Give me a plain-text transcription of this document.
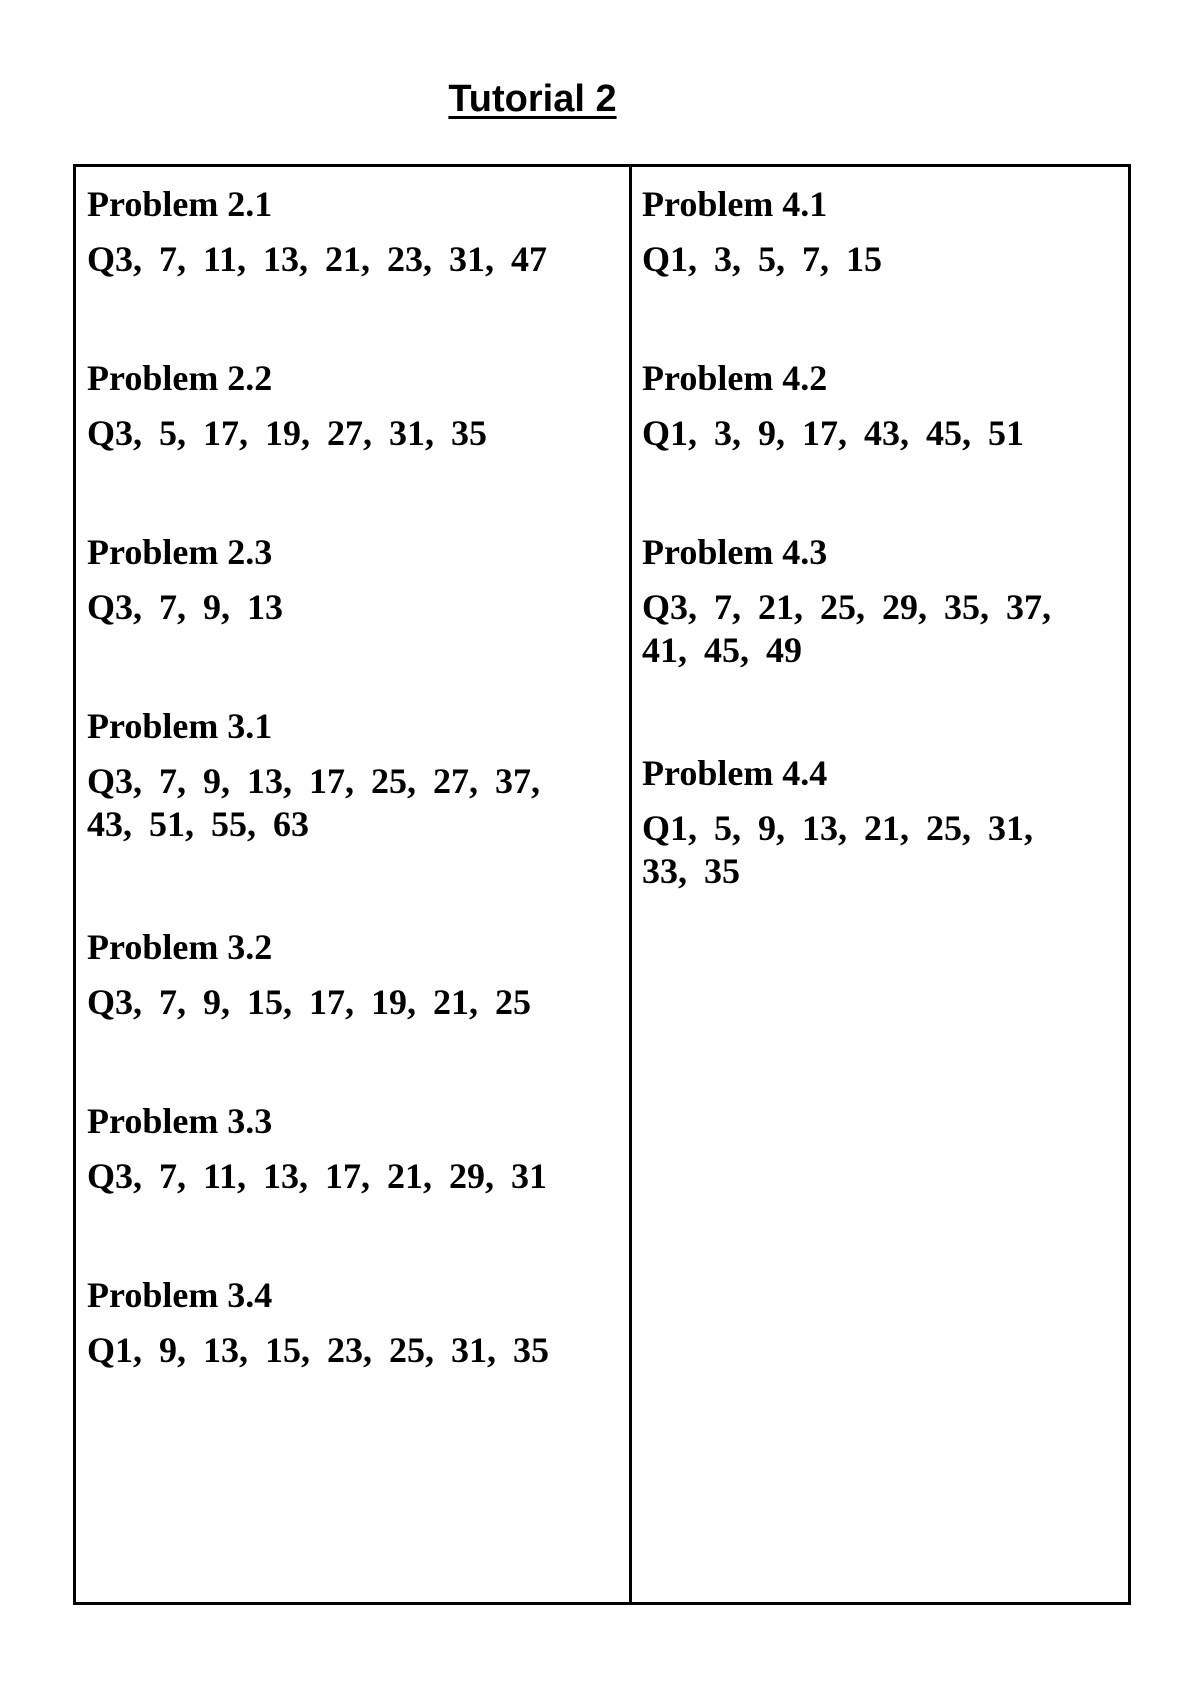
Tutorial 2
Problem 2.1
Q3, 7, 11, 13, 21, 23, 31, 47
Problem 2.2
Q3, 5, 17, 19, 27, 31, 35
Problem 2.3
Q3, 7, 9, 13
Problem 3.1
Q3, 7, 9, 13, 17, 25, 27, 37,
43, 51, 55, 63
Problem 3.2
Q3, 7, 9, 15, 17, 19, 21, 25
Problem 3.3
Q3, 7, 11, 13, 17, 21, 29, 31
Problem 3.4
Q1, 9, 13, 15, 23, 25, 31, 35
Problem 4.1
Q1, 3, 5, 7, 15
Problem 4.2
Q1, 3, 9, 17, 43, 45, 51
Problem 4.3
Q3, 7, 21, 25, 29, 35, 37,
41, 45, 49
Problem 4.4
Q1, 5, 9, 13, 21, 25, 31,
33, 35
